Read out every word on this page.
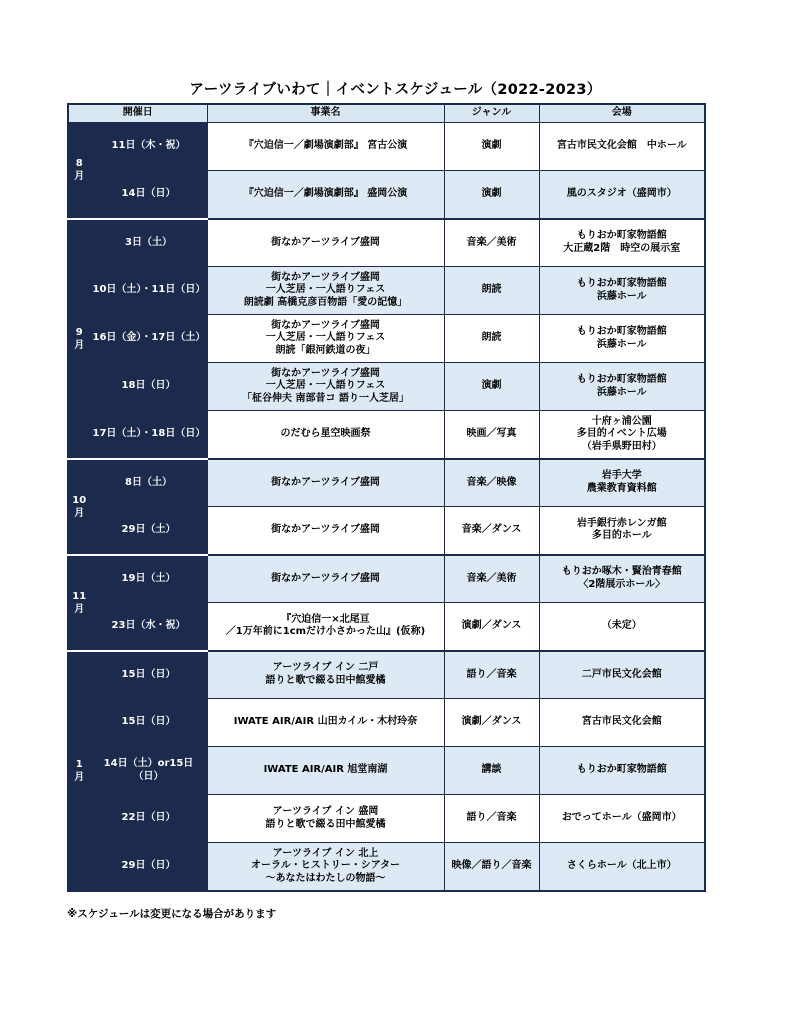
アーツライブいわて｜イベントスケジュール（2022-2023）
開催日		事業名	ジャンル	会場

8
月	11日（木・祝）	『穴迫信一／劇場演劇部』 宮古公演	演劇	宮古市民文化会館　中ホール

	14日（日）	『穴迫信一／劇場演劇部』 盛岡公演	演劇	風のスタジオ（盛岡市）

9
月	3日（土）	街なかアーツライブ盛岡	音楽／美術	もりおか町家物語館
大正蔵2階　時空の展示室

	10日（土）・11日（日）	街なかアーツライブ盛岡
一人芝居・一人語りフェス
朗読劇 高橋克彦百物語「愛の記憶」	朗読	もりおか町家物語館
浜藤ホール

	16日（金）・17日（土）	街なかアーツライブ盛岡
一人芝居・一人語りフェス
朗読「銀河鉄道の夜」	朗読	もりおか町家物語館
浜藤ホール

	18日（日）	街なかアーツライブ盛岡
一人芝居・一人語りフェス
「柾谷伸夫 南部昔コ 語り一人芝居」	演劇	もりおか町家物語館
浜藤ホール

	17日（土）・18日（日）	のだむら星空映画祭	映画／写真	十府ヶ浦公園
多目的イベント広場
（岩手県野田村）

10
月	8日（土）	街なかアーツライブ盛岡	音楽／映像	岩手大学
農業教育資料館

	29日（土）	街なかアーツライブ盛岡	音楽／ダンス	岩手銀行赤レンガ館
多目的ホール

11
月	19日（土）	街なかアーツライブ盛岡	音楽／美術	もりおか啄木・賢治青春館
〈2階展示ホール〉

	23日（水・祝）	『穴迫信一×北尾亘
／1万年前に1cmだけ小さかった山』(仮称)	演劇／ダンス	（未定）

1
月	15日（日）	アーツライブ イン 二戸
語りと歌で綴る田中館愛橘	語り／音楽	二戸市民文化会館

	15日（日）	IWATE AIR/AIR 山田カイル・木村玲奈	演劇／ダンス	宮古市民文化会館

	14日（土）or15日（日）	IWATE AIR/AIR 旭堂南湖	講談	もりおか町家物語館

	22日（日）	アーツライブ イン 盛岡
語りと歌で綴る田中館愛橘	語り／音楽	おでってホール（盛岡市）

	29日（日）	アーツライブ イン 北上
オーラル・ヒストリー・シアター
～あなたはわたしの物語～	映像／語り／音楽	さくらホール（北上市）
※スケジュールは変更になる場合があります
